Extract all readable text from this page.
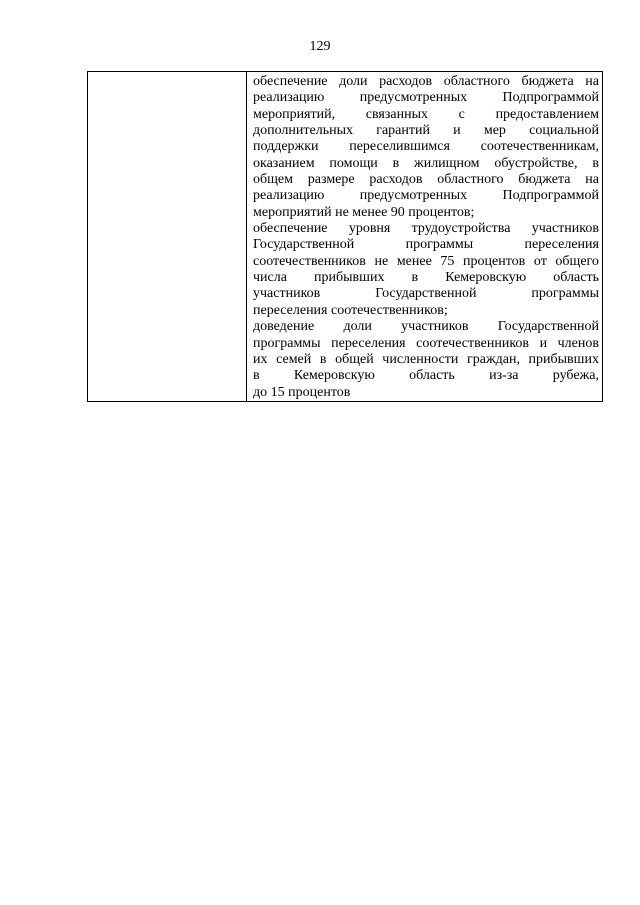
129

обеспечение доли расходов областного бюджета на
реализацию	предусмотренных	Подпрограммой
мероприятий, связанных с предоставлением
дополнительных гарантий и мер социальной
поддержки переселившимся соотечественникам,
оказанием помощи в жилищном обустройстве, в
общем размере расходов областного бюджета на
реализацию	предусмотренных	Подпрограммой
мероприятий не менее 90 процентов;
обеспечение уровня трудоустройства участников
Государственной	программы	переселения
соотечественников не менее 75 процентов от общего
числа прибывших в Кемеровскую область
участников	Государственной	программы
переселения соотечественников;
доведение доли участников Государственной
программы переселения соотечественников и членов
их семей в общей численности граждан, прибывших
в Кемеровскую область из-за рубежа,
до 15 процентов
